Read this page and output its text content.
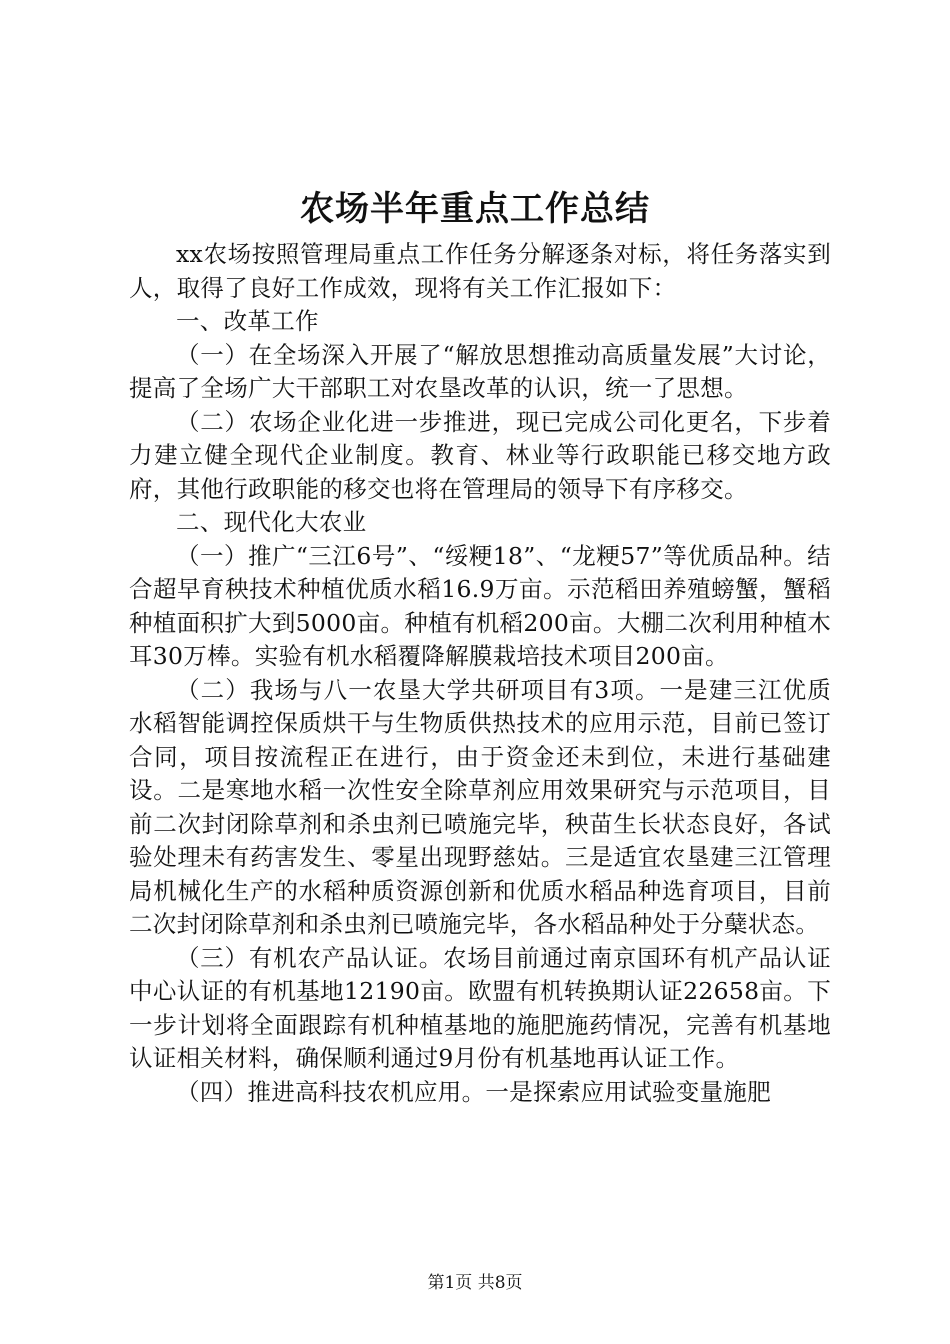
农场半年重点工作总结

xx农场按照管理局重点工作任务分解逐条对标，将任务落实到人，取得了良好工作成效，现将有关工作汇报如下：

一、改革工作

（一）在全场深入开展了“解放思想推动高质量发展”大讨论，提高了全场广大干部职工对农垦改革的认识，统一了思想。

（二）农场企业化进一步推进，现已完成公司化更名，下步着力建立健全现代企业制度。教育、林业等行政职能已移交地方政府，其他行政职能的移交也将在管理局的领导下有序移交。

二、现代化大农业

（一）推广“三江6号”、“绥粳18”、“龙粳57”等优质品种。结合超早育秧技术种植优质水稻16.9万亩。示范稻田养殖螃蟹，蟹稻种植面积扩大到5000亩。种植有机稻200亩。大棚二次利用种植木耳30万棒。实验有机水稻覆降解膜栽培技术项目200亩。

（二）我场与八一农垦大学共研项目有3项。一是建三江优质水稻智能调控保质烘干与生物质供热技术的应用示范，目前已签订合同，项目按流程正在进行，由于资金还未到位，未进行基础建设。二是寒地水稻一次性安全除草剂应用效果研究与示范项目，目前二次封闭除草剂和杀虫剂已喷施完毕，秧苗生长状态良好，各试验处理未有药害发生、零星出现野慈姑。三是适宜农垦建三江管理局机械化生产的水稻种质资源创新和优质水稻品种选育项目，目前二次封闭除草剂和杀虫剂已喷施完毕，各水稻品种处于分蘖状态。

（三）有机农产品认证。农场目前通过南京国环有机产品认证中心认证的有机基地12190亩。欧盟有机转换期认证22658亩。下一步计划将全面跟踪有机种植基地的施肥施药情况，完善有机基地认证相关材料，确保顺利通过9月份有机基地再认证工作。

（四）推进高科技农机应用。一是探索应用试验变量施肥

第1页 共8页
